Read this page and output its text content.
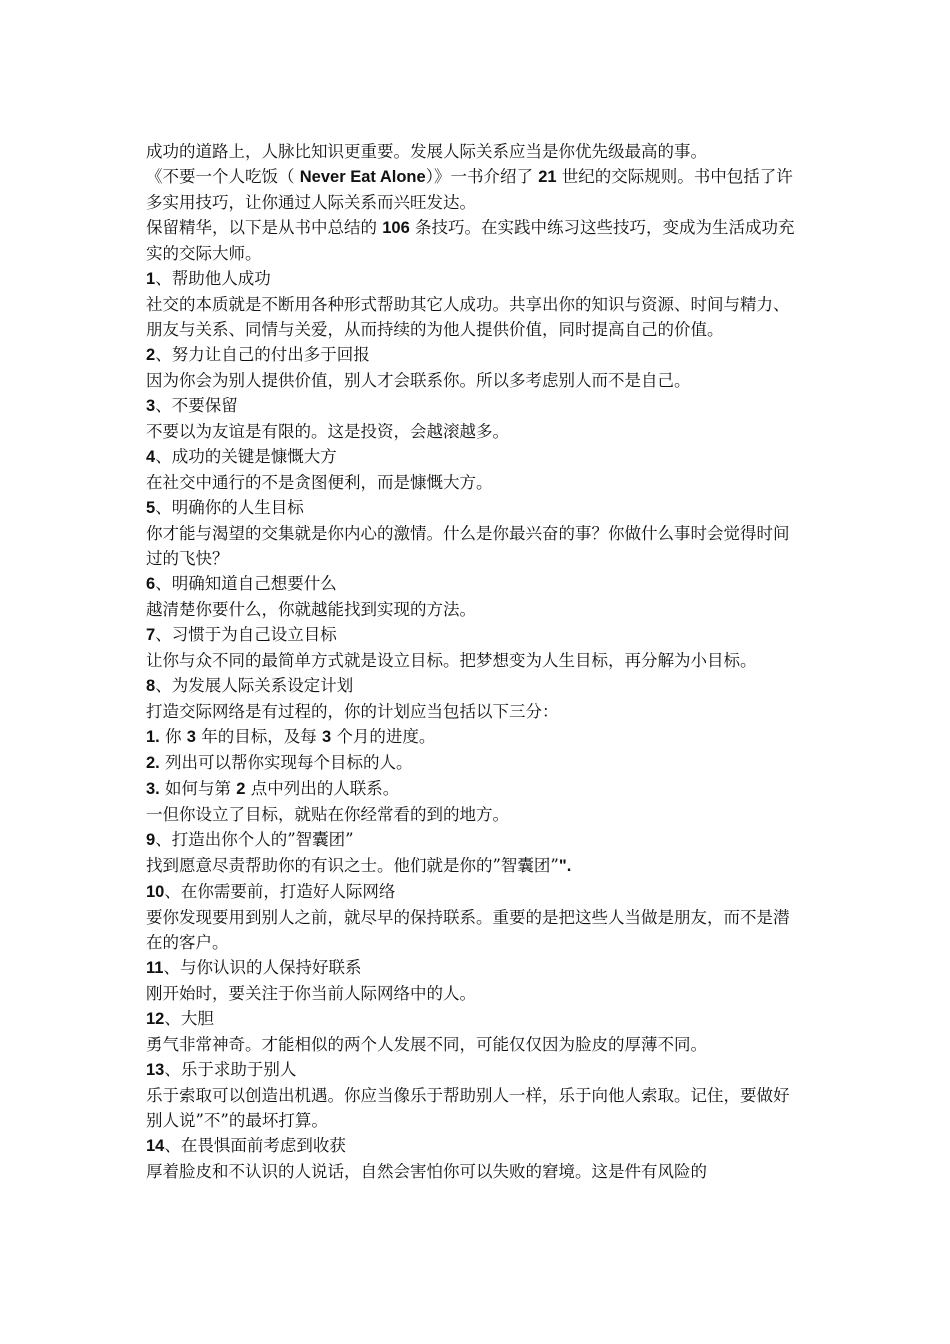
成功的道路上，人脉比知识更重要。发展人际关系应当是你优先级最高的事。

《不要一个人吃饭（ Never Eat Alone）》一书介绍了 21 世纪的交际规则。书中包括了许多实用技巧，让你通过人际关系而兴旺发达。

保留精华，以下是从书中总结的 106 条技巧。在实践中练习这些技巧，变成为生活成功充实的交际大师。

1、帮助他人成功

社交的本质就是不断用各种形式帮助其它人成功。共享出你的知识与资源、时间与精力、朋友与关系、同情与关爱，从而持续的为他人提供价值，同时提高自己的价值。

2、努力让自己的付出多于回报

因为你会为别人提供价值，别人才会联系你。所以多考虑别人而不是自己。

3、不要保留

不要以为友谊是有限的。这是投资，会越滚越多。

4、成功的关键是慷慨大方

在社交中通行的不是贪图便利，而是慷慨大方。

5、明确你的人生目标

你才能与渴望的交集就是你内心的激情。什么是你最兴奋的事？你做什么事时会觉得时间过的飞快？

6、明确知道自己想要什么

越清楚你要什么，你就越能找到实现的方法。

7、习惯于为自己设立目标

让你与众不同的最简单方式就是设立目标。把梦想变为人生目标，再分解为小目标。

8、为发展人际关系设定计划

打造交际网络是有过程的，你的计划应当包括以下三分：

1. 你 3 年的目标，及每 3 个月的进度。

2. 列出可以帮你实现每个目标的人。

3. 如何与第 2 点中列出的人联系。

一但你设立了目标，就贴在你经常看的到的地方。

9、打造出你个人的”智囊团”

找到愿意尽责帮助你的有识之士。他们就是你的”智囊团”".

10、在你需要前，打造好人际网络

要你发现要用到别人之前，就尽早的保持联系。重要的是把这些人当做是朋友，而不是潜在的客户。

11、与你认识的人保持好联系

刚开始时，要关注于你当前人际网络中的人。

12、大胆

勇气非常神奇。才能相似的两个人发展不同，可能仅仅因为脸皮的厚薄不同。

13、乐于求助于别人

乐于索取可以创造出机遇。你应当像乐于帮助别人一样，乐于向他人索取。记住，要做好别人说”不”的最坏打算。

14、在畏惧面前考虑到收获

厚着脸皮和不认识的人说话，自然会害怕你可以失败的窘境。这是件有风险的
